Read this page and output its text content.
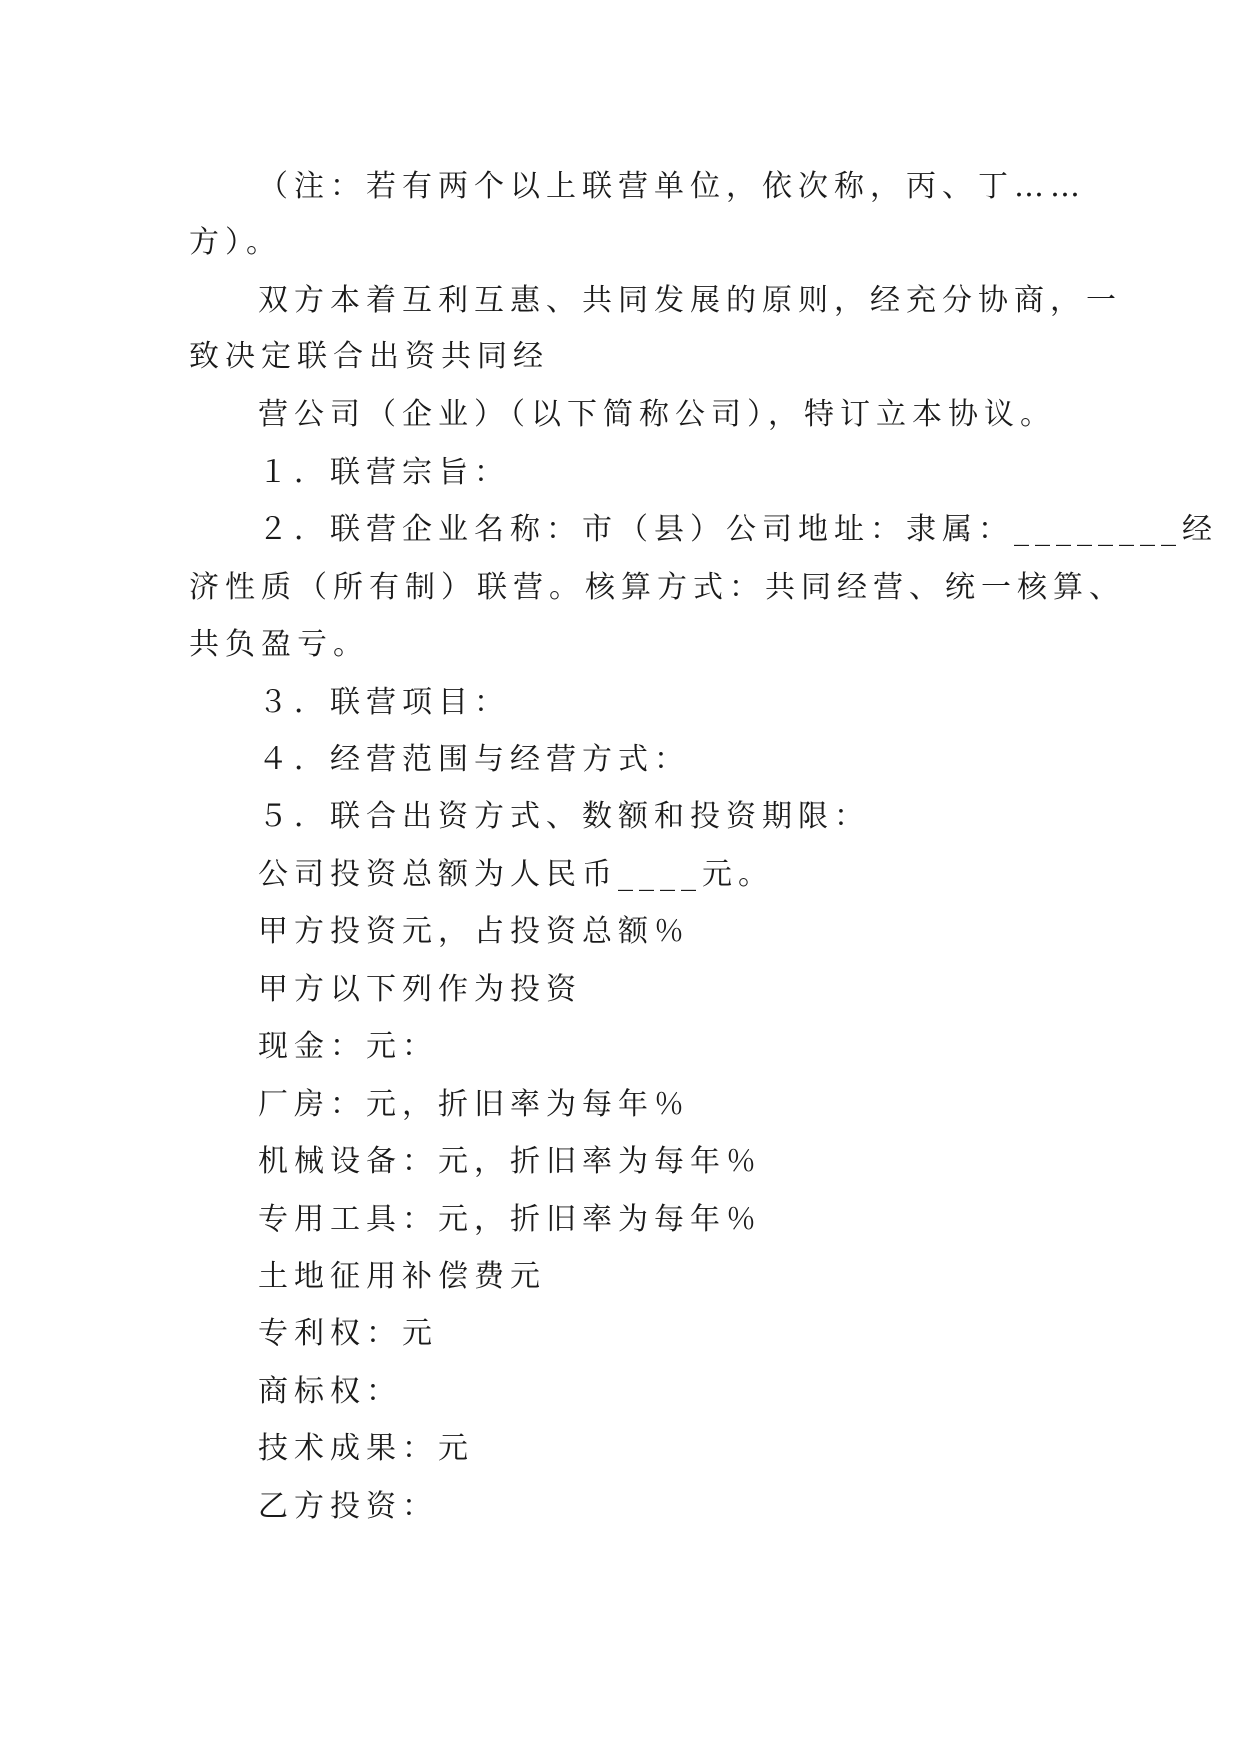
（注：若有两个以上联营单位，依次称，丙、丁……
方）。
双方本着互利互惠、共同发展的原则，经充分协商，一
致决定联合出资共同经
营公司（企业）（以下简称公司），特订立本协议。
１．联营宗旨：
２．联营企业名称：市（县）公司地址：隶属：________经
济性质（所有制）联营。核算方式：共同经营、统一核算、
共负盈亏。
３．联营项目：
４．经营范围与经营方式：
５．联合出资方式、数额和投资期限：
公司投资总额为人民币____元。
甲方投资元，占投资总额％
甲方以下列作为投资
现金：元：
厂房：元，折旧率为每年％
机械设备：元，折旧率为每年％
专用工具：元，折旧率为每年％
土地征用补偿费元
专利权：元
商标权：
技术成果：元
乙方投资：
